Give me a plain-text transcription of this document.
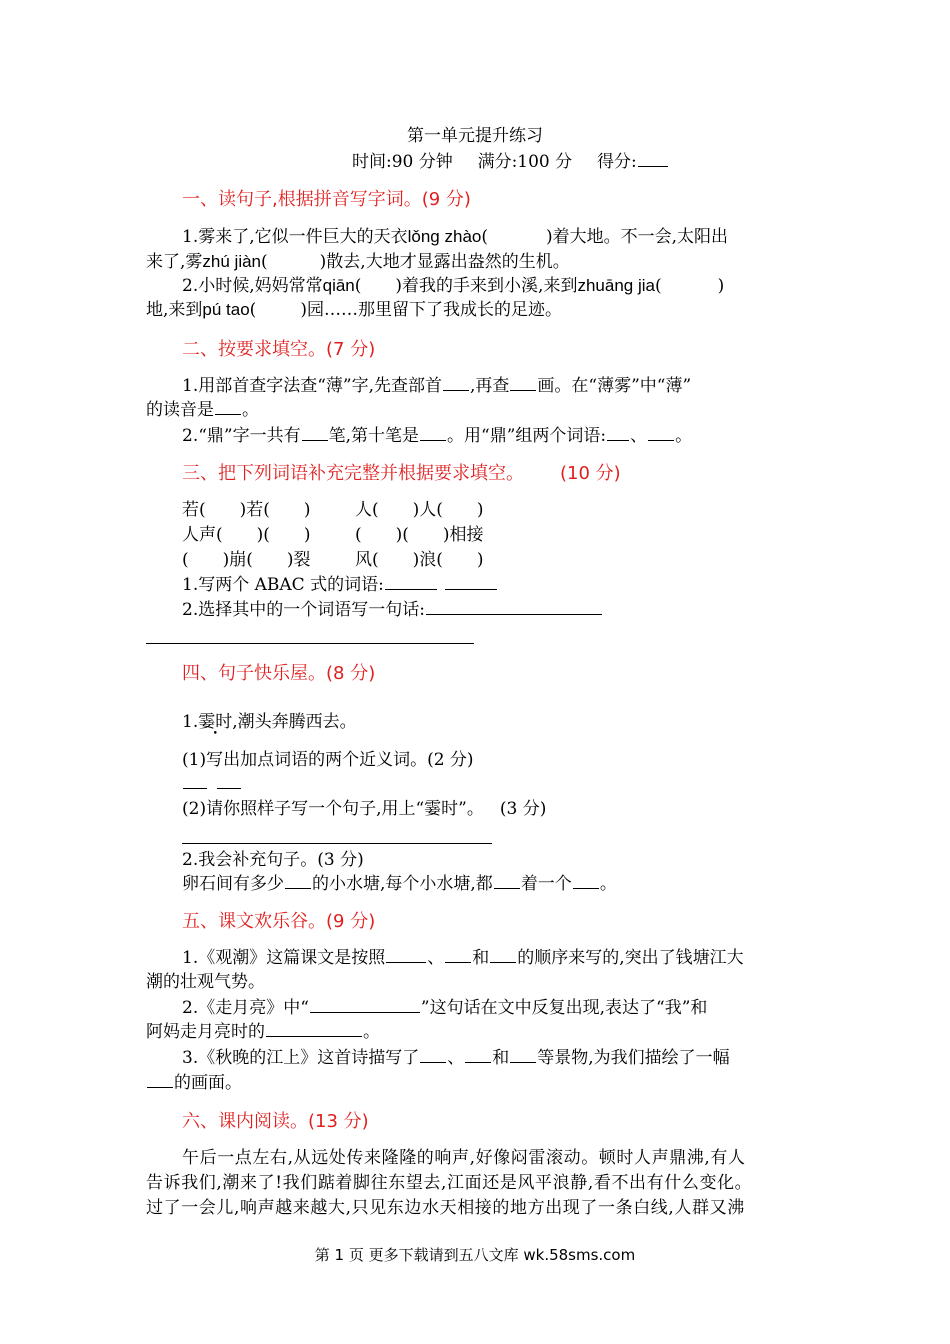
第一单元提升练习
时间:90 分钟 满分:100 分 得分:
一、读句子,根据拼音写字词。(9 分)
1.雾来了,它似一件巨大的天衣lǒng zhào(	)着大地。不一会,太阳出
来了,雾zhú jiàn(	)散去,大地才显露出盎然的生机。
2.小时候,妈妈常常qiān( )着我的手来到小溪,来到zhuāng jia(	)
地,来到pú tao(	)园……那里留下了我成长的足迹。
二、按要求填空。(7 分)
1.用部首查字法查“薄”字,先查部首 ,再查 画。在“薄雾”中“薄”
的读音是 。
2.“鼎”字一共有 笔,第十笔是 。用“鼎”组两个词语: 、 。
三、把下列词语补充完整并根据要求填空。 (10 分)
若(　　)若(　　)	人(　　)人(　　)
人声(　　)(　　)	(　　)(　　)相接
(　　)崩(　　)裂	风(　　)浪(　　)
1.写两个 ABAC 式的词语:
2.选择其中的一个词语写一句话:
四、句子快乐屋。(8 分)
1.霎时,潮头奔腾西去。
(1)写出加点词语的两个近义词。(2 分)
(2)请你照样子写一个句子,用上“霎时”。 (3 分)
2.我会补充句子。(3 分)
卵石间有多少 的小水塘,每个小水塘,都 着一个 。
五、课文欢乐谷。(9 分)
1.《观潮》这篇课文是按照 、 和 的顺序来写的,突出了钱塘江大
潮的壮观气势。
2.《走月亮》中“	”这句话在文中反复出现,表达了“我”和
阿妈走月亮时的	。
3.《秋晚的江上》这首诗描写了 、 和 等景物,为我们描绘了一幅
的画面。
六、课内阅读。(13 分)
午后一点左右,从远处传来隆隆的响声,好像闷雷滚动。顿时人声鼎沸,有人
告诉我们,潮来了!我们踮着脚往东望去,江面还是风平浪静,看不出有什么变化。
过了一会儿,响声越来越大,只见东边水天相接的地方出现了一条白线,人群又沸
第 1 页 更多下载请到五八文库 wk.58sms.com
